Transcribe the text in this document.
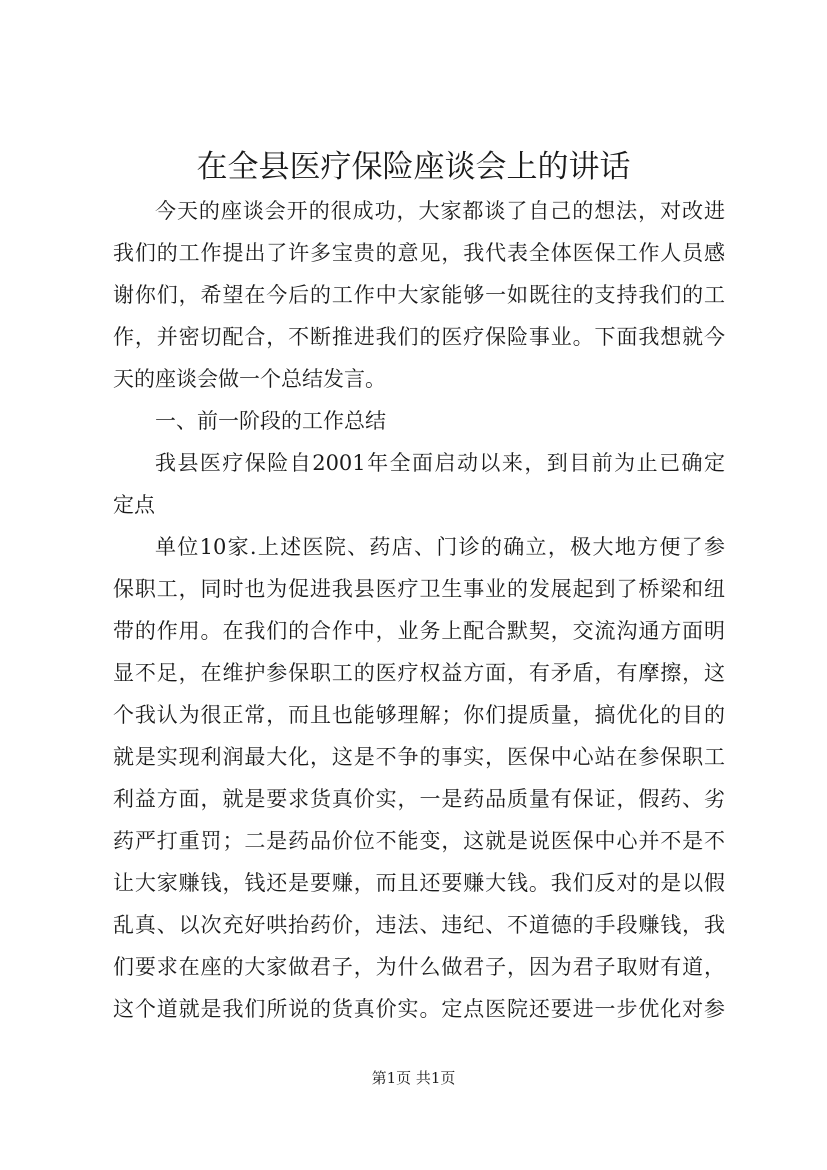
在全县医疗保险座谈会上的讲话
今天的座谈会开的很成功，大家都谈了自己的想法，对改进
我们的工作提出了许多宝贵的意见，我代表全体医保工作人员感
谢你们，希望在今后的工作中大家能够一如既往的支持我们的工
作，并密切配合，不断推进我们的医疗保险事业。下面我想就今
天的座谈会做一个总结发言。
一、前一阶段的工作总结
我县医疗保险自2001年全面启动以来，到目前为止已确定
定点
单位10家.上述医院、药店、门诊的确立，极大地方便了参
保职工，同时也为促进我县医疗卫生事业的发展起到了桥梁和纽
带的作用。在我们的合作中，业务上配合默契，交流沟通方面明
显不足，在维护参保职工的医疗权益方面，有矛盾，有摩擦，这
个我认为很正常，而且也能够理解；你们提质量，搞优化的目的
就是实现利润最大化，这是不争的事实，医保中心站在参保职工
利益方面，就是要求货真价实，一是药品质量有保证，假药、劣
药严打重罚；二是药品价位不能变，这就是说医保中心并不是不
让大家赚钱，钱还是要赚，而且还要赚大钱。我们反对的是以假
乱真、以次充好哄抬药价，违法、违纪、不道德的手段赚钱，我
们要求在座的大家做君子，为什么做君子，因为君子取财有道，
这个道就是我们所说的货真价实。定点医院还要进一步优化对参
第1页 共1页
